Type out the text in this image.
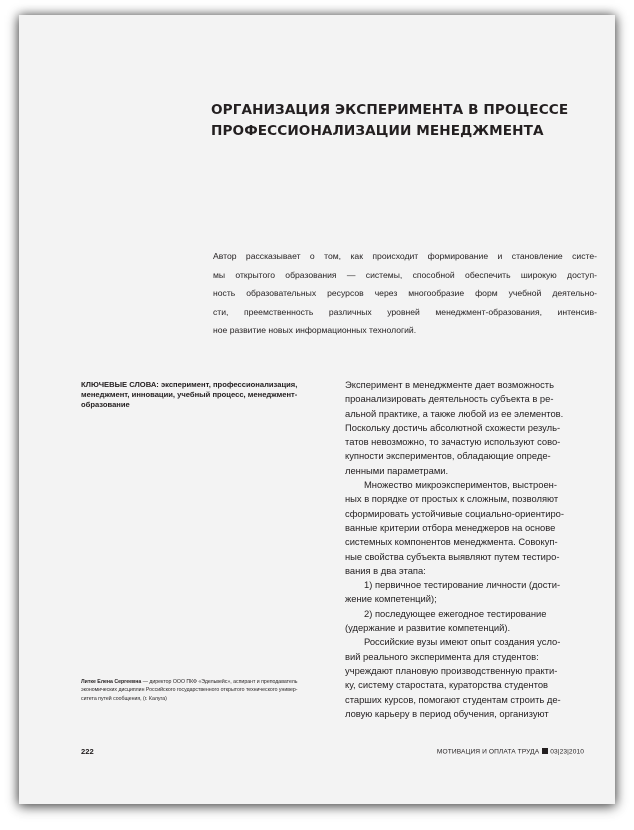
ОРГАНИЗАЦИЯ ЭКСПЕРИМЕНТА В ПРОЦЕССЕ
ПРОФЕССИОНАЛИЗАЦИИ МЕНЕДЖМЕНТА
Автор рассказывает о том, как происходит формирование и становление систе-
мы открытого образования — системы, способной обеспечить широкую доступ-
ность образовательных ресурсов через многообразие форм учебной деятельно-
сти, преемственность различных уровней менеджмент-образования, интенсив-
ное развитие новых информационных технологий.
КЛЮЧЕВЫЕ СЛОВА: эксперимент, профессионализация,
менеджмент, инновации, учебный процесс, менеджмент-
образование
Литке Елена Сергеевна — директор ООО ПКФ «Эдельвейс», аспирант и преподаватель
экономических дисциплин Российского государственного открытого технического универ-
ситета путей сообщения, (г. Калуга)
Эксперимент в менеджменте дает возможность
проанализировать деятельность субъекта в ре-
альной практике, а также любой из ее элементов.
Поскольку достичь абсолютной схожести резуль-
татов невозможно, то зачастую используют сово-
купности экспериментов, обладающие опреде-
ленными параметрами.
Множество микроэкспериментов, выстроен-
ных в порядке от простых к сложным, позволяют
сформировать устойчивые социально-ориентиро-
ванные критерии отбора менеджеров на основе
системных компонентов менеджмента. Совокуп-
ные свойства субъекта выявляют путем тестиро-
вания в два этапа:
1) первичное тестирование личности (дости-
жение компетенций);
2) последующее ежегодное тестирование
(удержание и развитие компетенций).
Российские вузы имеют опыт создания усло-
вий реального эксперимента для студентов:
учреждают плановую производственную практи-
ку, систему старостата, кураторства студентов
старших курсов, помогают студентам строить де-
ловую карьеру в период обучения, организуют
222	МОТИВАЦИЯ И ОПЛАТА ТРУДА 03|23|2010
